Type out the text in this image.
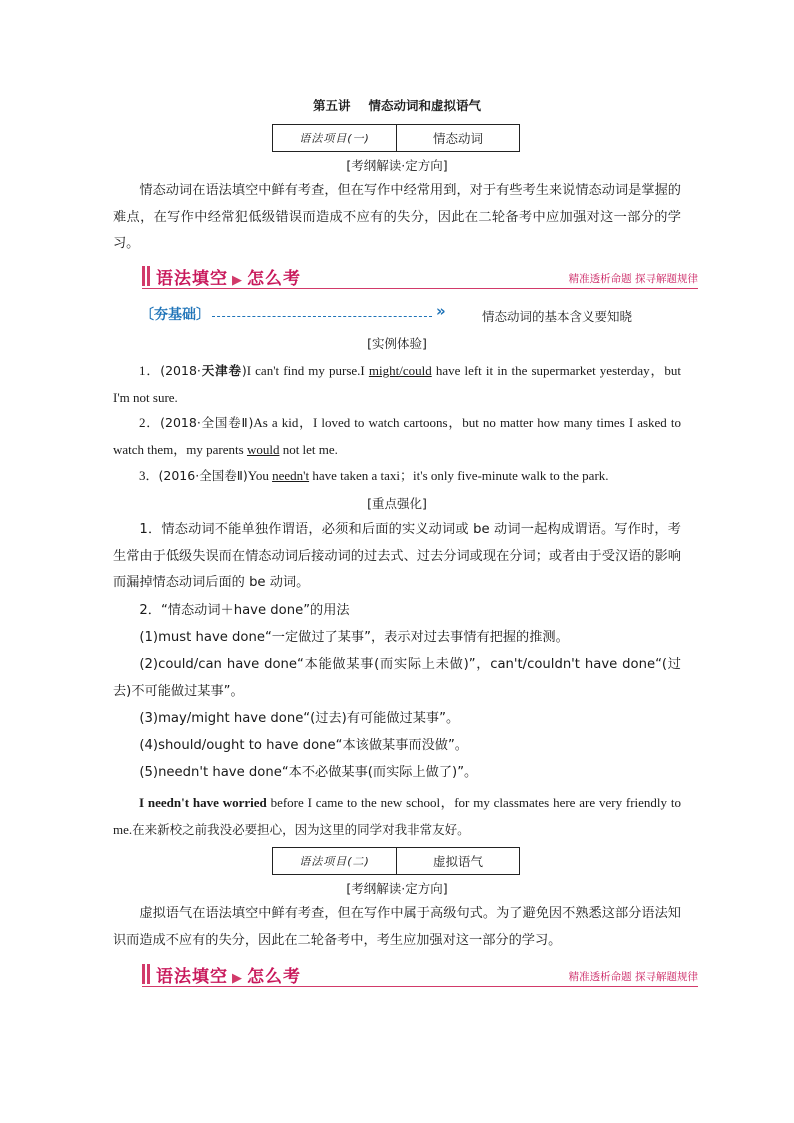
第五讲 情态动词和虚拟语气
语法项目(一)	情态动词
[考纲解读·定方向]
情态动词在语法填空中鲜有考查，但在写作中经常用到，对于有些考生来说情态动词是掌握的难点，在写作中经常犯低级错误而造成不应有的失分，因此在二轮备考中应加强对这一部分的学习。
语法填空 ▶ 怎么考	精准透析命题 探寻解题规律
〔夯基础〕	»	情态动词的基本含义要知晓
[实例体验]
1．(2018·天津卷)I can't find my purse.I might/could have left it in the supermarket yesterday，but I'm not sure.
2．(2018·全国卷Ⅱ)As a kid，I loved to watch cartoons，but no matter how many times I asked to watch them，my parents would not let me.
3．(2016·全国卷Ⅱ)You needn't have taken a taxi；it's only five-minute walk to the park.
[重点强化]
1．情态动词不能单独作谓语，必须和后面的实义动词或 be 动词一起构成谓语。写作时，考生常由于低级失误而在情态动词后接动词的过去式、过去分词或现在分词；或者由于受汉语的影响而漏掉情态动词后面的 be 动词。
2．“情态动词＋have done”的用法
(1)must have done“一定做过了某事”，表示对过去事情有把握的推测。
(2)could/can have done“本能做某事(而实际上未做)”，can't/couldn't have done“(过去)不可能做过某事”。
(3)may/might have done“(过去)有可能做过某事”。
(4)should/ought to have done“本该做某事而没做”。
(5)needn't have done“本不必做某事(而实际上做了)”。
I needn't have worried before I came to the new school，for my classmates here are very friendly to me.在来新校之前我没必要担心，因为这里的同学对我非常友好。
语法项目(二)	虚拟语气
[考纲解读·定方向]
虚拟语气在语法填空中鲜有考查，但在写作中属于高级句式。为了避免因不熟悉这部分语法知识而造成不应有的失分，因此在二轮备考中，考生应加强对这一部分的学习。
语法填空 ▶ 怎么考	精准透析命题 探寻解题规律
